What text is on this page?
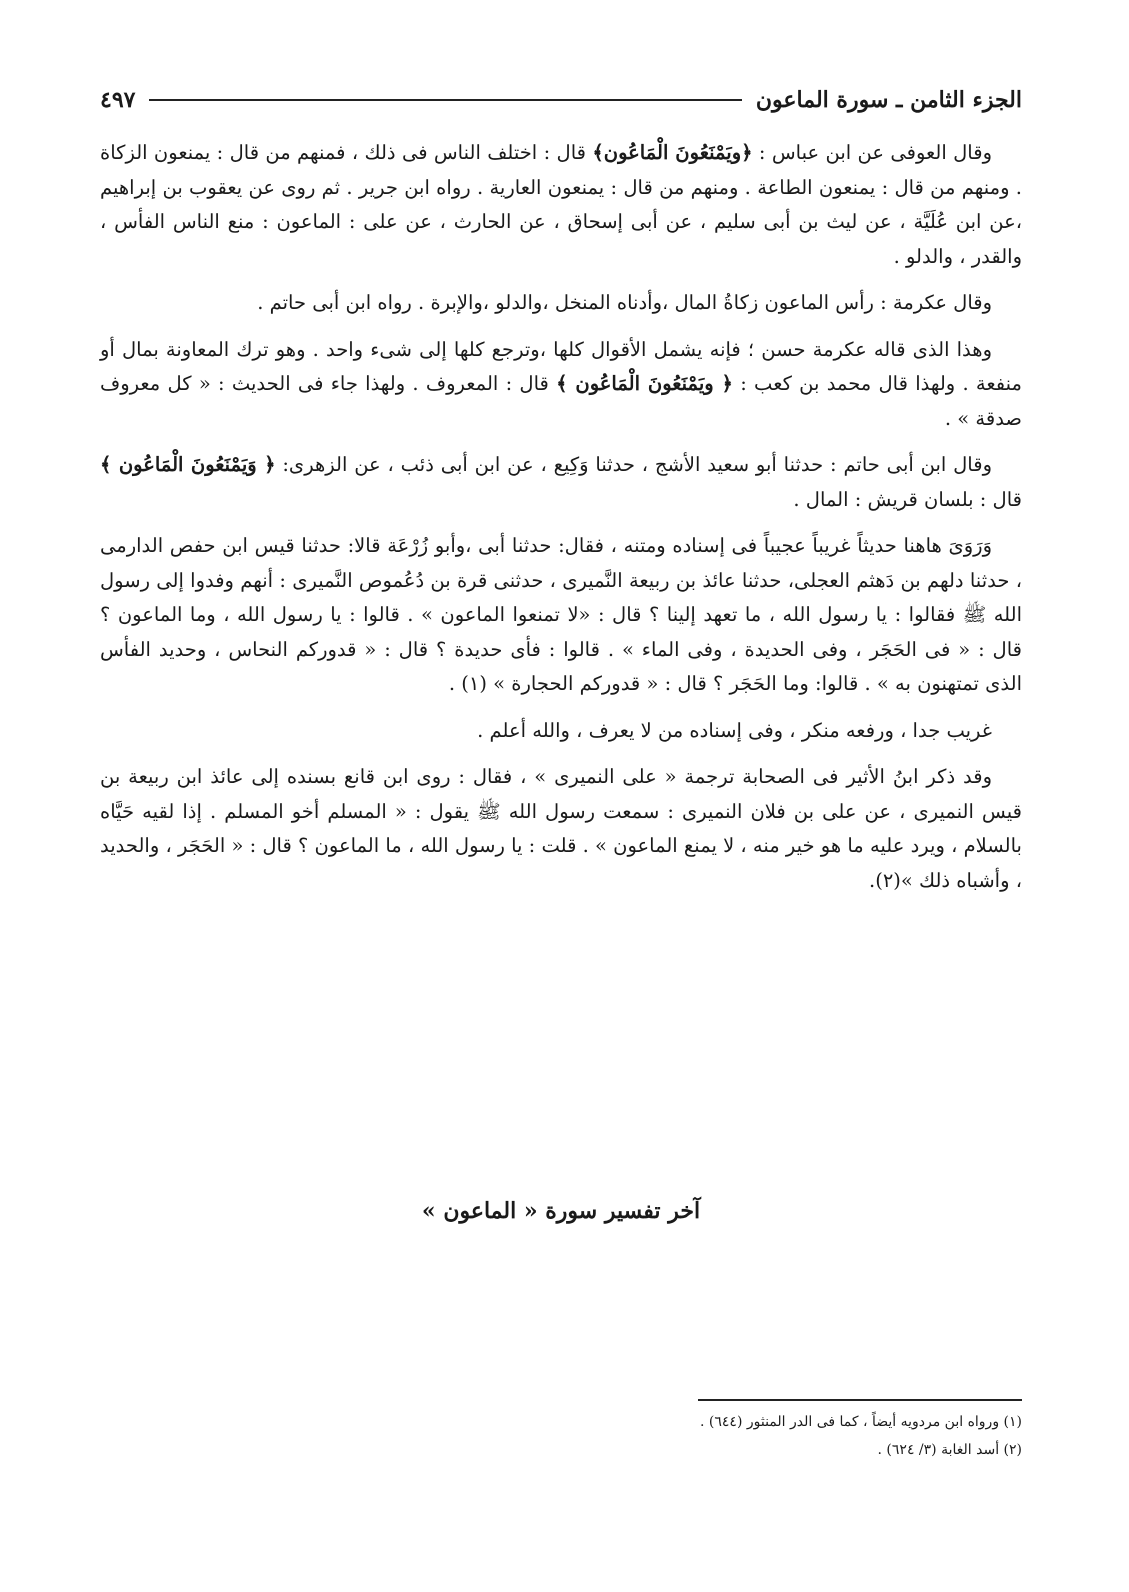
الجزء الثامن ـ سورة الماعون
٤٩٧

وقال العوفى عن ابن عباس : ﴿ويَمْنَعُونَ الْمَاعُون﴾ قال : اختلف الناس فى ذلك ، فمنهم من قال : يمنعون الزكاة . ومنهم من قال : يمنعون الطاعة . ومنهم من قال : يمنعون العارية . رواه ابن جرير . ثم روى عن يعقوب بن إبراهيم ،عن ابن عُلَيَّة ، عن ليث بن أبى سليم ، عن أبى إسحاق ، عن الحارث ، عن على : الماعون : منع الناس الفأس ، والقدر ، والدلو .

وقال عكرمة : رأس الماعون زكاةُ المال ،وأدناه المنخل ،والدلو ،والإبرة . رواه ابن أبى حاتم .

وهذا الذى قاله عكرمة حسن ؛ فإنه يشمل الأقوال كلها ،وترجع كلها إلى شىء واحد . وهو ترك المعاونة بمال أو منفعة . ولهذا قال محمد بن كعب : ﴿ ويَمْنَعُونَ الْمَاعُون ﴾ قال : المعروف . ولهذا جاء فى الحديث : « كل معروف صدقة » .

وقال ابن أبى حاتم : حدثنا أبو سعيد الأشج ، حدثنا وَكِيع ، عن ابن أبى ذئب ، عن الزهرى: ﴿ وَيَمْنَعُونَ الْمَاعُون ﴾ قال : بلسان قريش : المال .

وَرَوَىَ هاهنا حديثاً غريباً عجيباً فى إسناده ومتنه ، فقال: حدثنا أبى ،وأبو زُرْعَة قالا: حدثنا قيس ابن حفص الدارمى ، حدثنا دلهم بن دَهثم العجلى، حدثنا عائذ بن ربيعة النَّميرى ، حدثنى قرة بن دُعُموص النَّميرى : أنهم وفدوا إلى رسول الله ﷺ فقالوا : يا رسول الله ، ما تعهد إلينا ؟ قال : «لا تمنعوا الماعون » . قالوا : يا رسول الله ، وما الماعون ؟ قال : « فى الحَجَر ، وفى الحديدة ، وفى الماء » . قالوا : فأى حديدة ؟ قال : « قدوركم النحاس ، وحديد الفأس الذى تمتهنون به » . قالوا: وما الحَجَر ؟ قال : « قدوركم الحجارة » (١) .

غريب جدا ، ورفعه منكر ، وفى إسناده من لا يعرف ، والله أعلم .

وقد ذكر ابنُ الأثير فى الصحابة ترجمة « على النميرى » ، فقال : روى ابن قانع بسنده إلى عائذ ابن ربيعة بن قيس النميرى ، عن على بن فلان النميرى : سمعت رسول الله ﷺ يقول : « المسلم أخو المسلم . إذا لقيه حَيَّاه بالسلام ، ويرد عليه ما هو خير منه ، لا يمنع الماعون » . قلت : يا رسول الله ، ما الماعون ؟ قال : « الحَجَر ، والحديد ، وأشباه ذلك »(٢).

آخر تفسير سورة « الماعون »
(١) ورواه ابن مردويه أيضاً ، كما فى الدر المنثور (٦٤٤) .
(٢) أسد الغابة (٣/ ٦٢٤) .
